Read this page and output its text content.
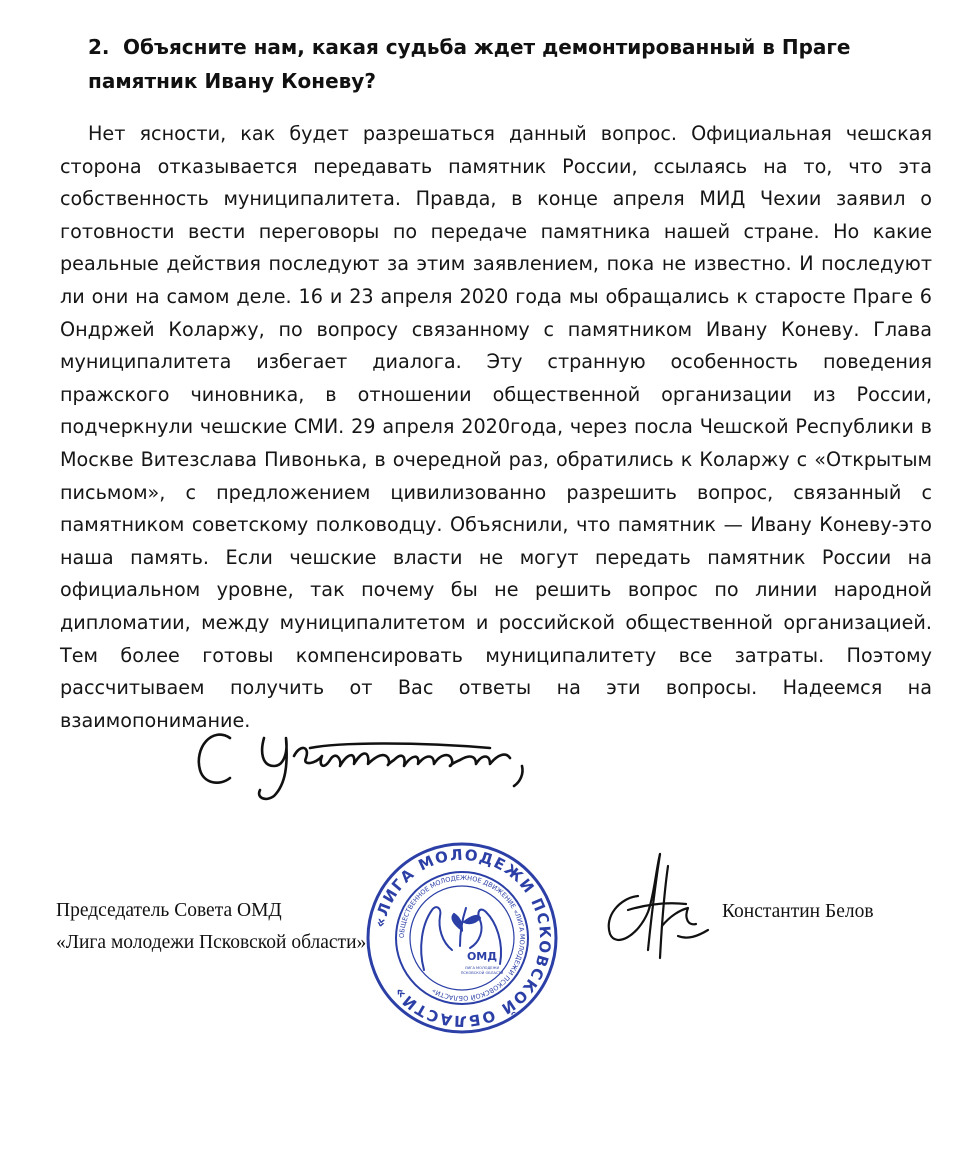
2. Объясните нам, какая судьба ждет демонтированный в Праге памятник Ивану Коневу?

Нет ясности, как будет разрешаться данный вопрос. Официальная чешская сторона отказывается передавать памятник России, ссылаясь на то, что эта собственность муниципалитета. Правда, в конце апреля МИД Чехии заявил о готовности вести переговоры по передаче памятника нашей стране. Но какие реальные действия последуют за этим заявлением, пока не известно. И последуют ли они на самом деле. 16 и 23 апреля 2020 года мы обращались к старосте Праге 6 Ондржей Коларжу, по вопросу связанному с памятником Ивану Коневу. Глава муниципалитета избегает диалога. Эту странную особенность поведения пражского чиновника, в отношении общественной организации из России, подчеркнули чешские СМИ. 29 апреля 2020года, через посла Чешской Республики в Москве Витезслава Пивонька, в очередной раз, обратились к Коларжу с «Открытым письмом», с предложением цивилизованно разрешить вопрос, связанный с памятником советскому полководцу. Объяснили, что памятник — Ивану Коневу-это наша память. Если чешские власти не могут передать памятник России на официальном уровне, так почему бы не решить вопрос по линии народной дипломатии, между муниципалитетом и российской общественной организацией. Тем более готовы компенсировать муниципалитету все затраты. Поэтому рассчитываем получить от Вас ответы на эти вопросы. Надеемся на взаимопонимание.

Председатель Совета ОМД
«Лига молодежи Псковской области»
«ЛИГА МОЛОДЕЖИ ПСКОВСКОЙ ОБЛАСТИ»
ОБЩЕСТВЕННОЕ МОЛОДЕЖНОЕ ДВИЖЕНИЕ «ЛИГА МОЛОДЕЖИ ПСКОВСКОЙ ОБЛАСТИ»
ОМД
ЛИГА МОЛОДЕЖИ
ПСКОВСКОЙ ОБЛАСТИ
Константин Белов
